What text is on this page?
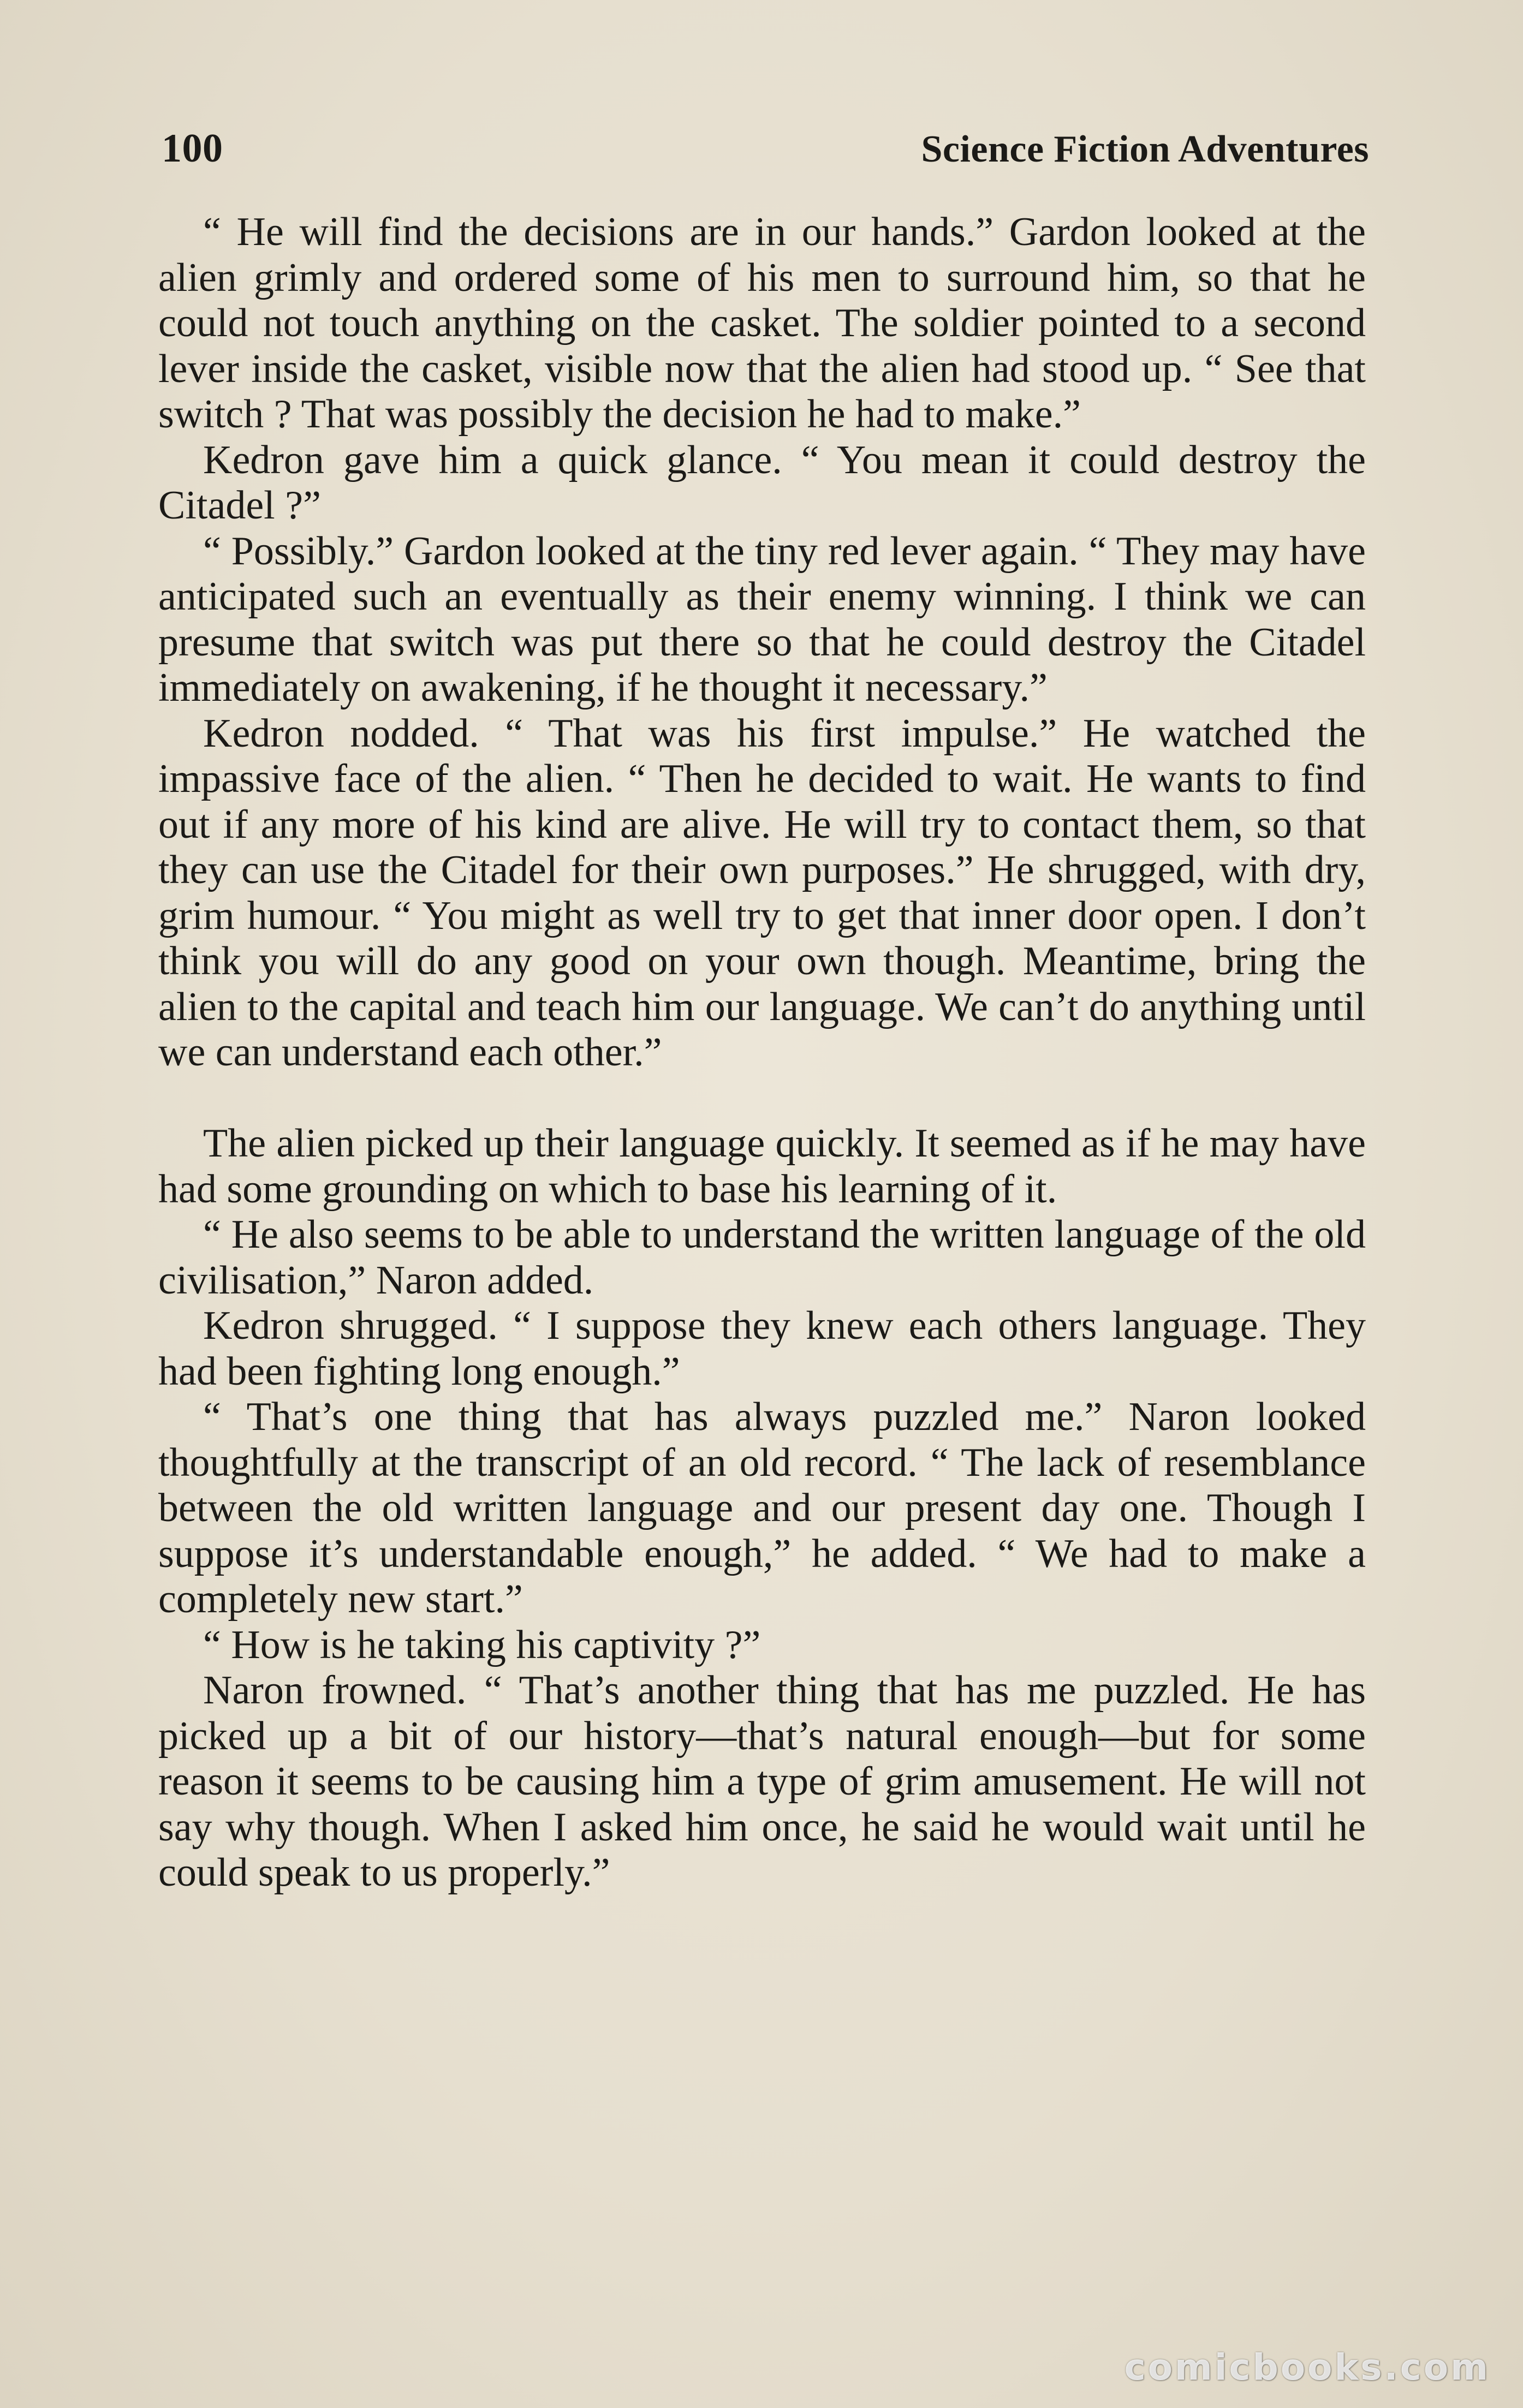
100	Science Fiction Adventures

“ He will find the decisions are in our hands.” Gardon looked at the alien grimly and ordered some of his men to surround him, so that he could not touch anything on the casket. The soldier pointed to a second lever inside the casket, visible now that the alien had stood up. “ See that switch ? That was possibly the decision he had to make.”

Kedron gave him a quick glance. “ You mean it could destroy the Citadel ?”

“ Possibly.” Gardon looked at the tiny red lever again. “ They may have anticipated such an eventually as their enemy winning. I think we can presume that switch was put there so that he could destroy the Citadel immediately on awakening, if he thought it necessary.”

Kedron nodded. “ That was his first impulse.” He watched the impassive face of the alien. “ Then he decided to wait. He wants to find out if any more of his kind are alive. He will try to contact them, so that they can use the Citadel for their own purposes.” He shrugged, with dry, grim humour. “ You might as well try to get that inner door open. I don’t think you will do any good on your own though. Meantime, bring the alien to the capital and teach him our language. We can’t do anything until we can understand each other.”

The alien picked up their language quickly. It seemed as if he may have had some grounding on which to base his learning of it.

“ He also seems to be able to understand the written language of the old civilisation,” Naron added.

Kedron shrugged. “ I suppose they knew each others language. They had been fighting long enough.”

“ That’s one thing that has always puzzled me.” Naron looked thoughtfully at the transcript of an old record. “ The lack of resemblance between the old written language and our present day one. Though I suppose it’s understandable enough,” he added. “ We had to make a completely new start.”

“ How is he taking his captivity ?”

Naron frowned. “ That’s another thing that has me puzzled. He has picked up a bit of our history—that’s natural enough—but for some reason it seems to be causing him a type of grim amusement. He will not say why though. When I asked him once, he said he would wait until he could speak to us properly.”

comicbooks.com
